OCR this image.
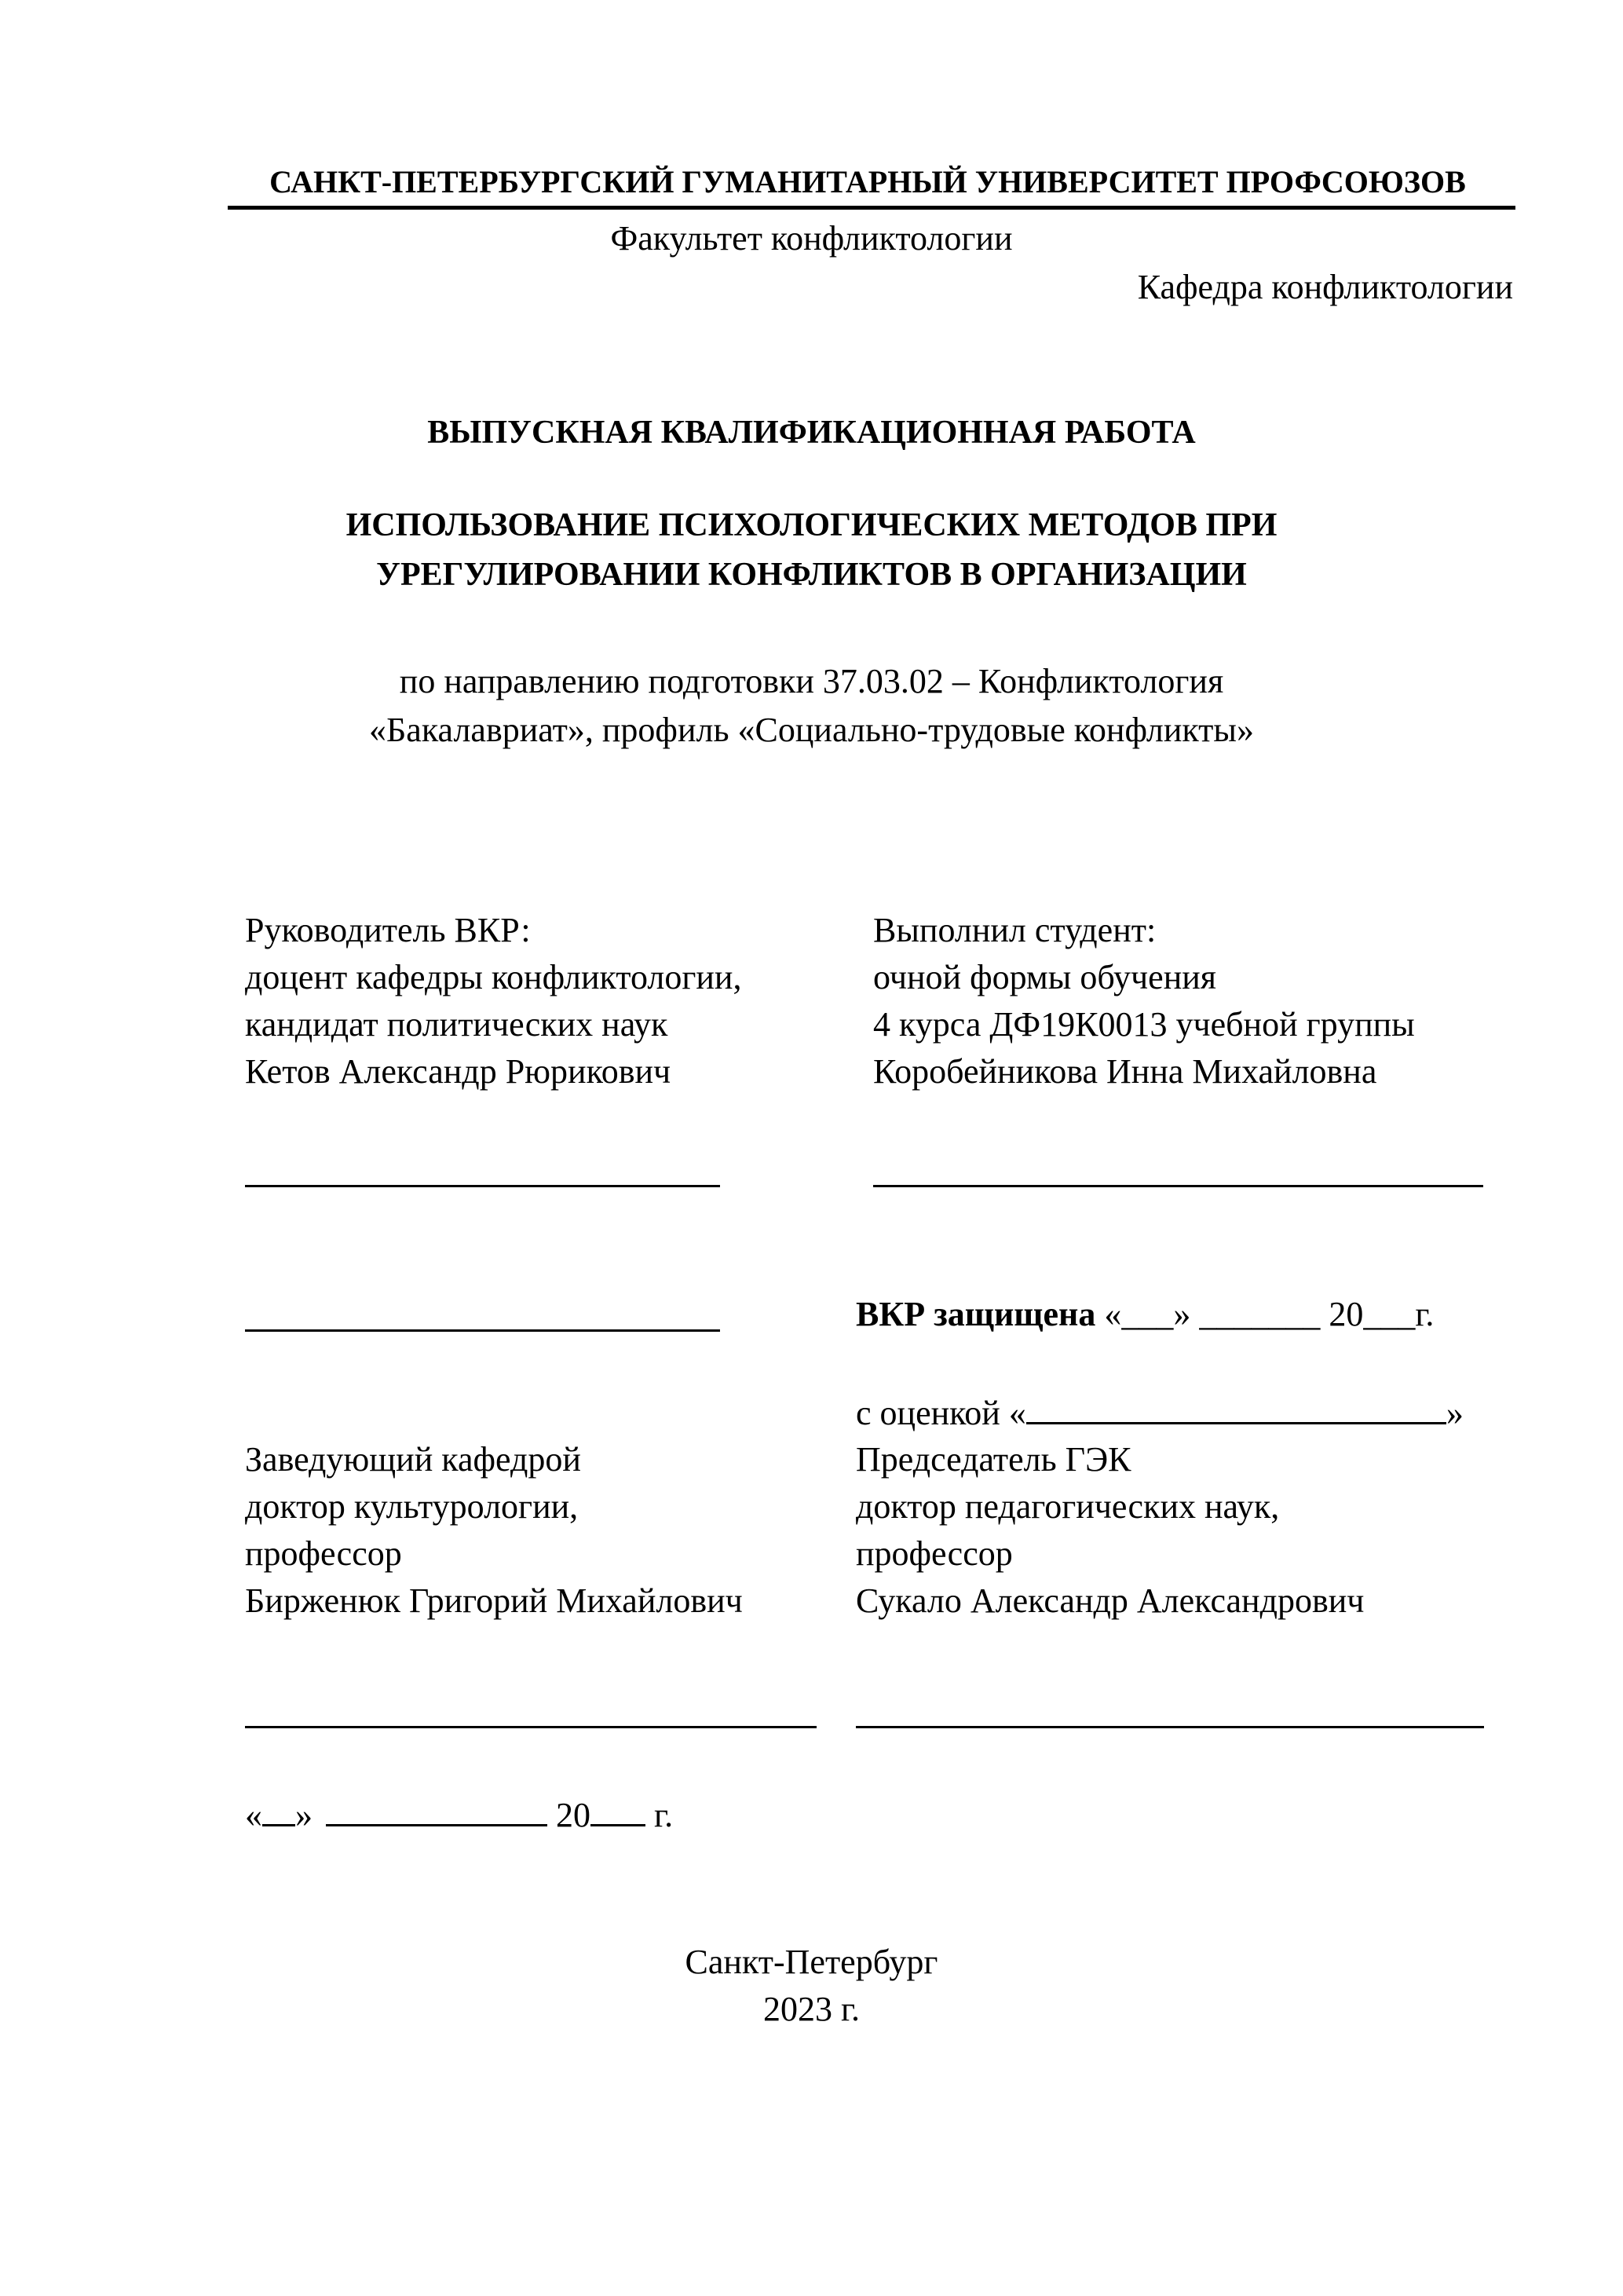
САНКТ-ПЕТЕРБУРГСКИЙ ГУМАНИТАРНЫЙ УНИВЕРСИТЕТ ПРОФСОЮЗОВ
Факультет конфликтологии
Кафедра конфликтологии
ВЫПУСКНАЯ КВАЛИФИКАЦИОННАЯ РАБОТА
ИСПОЛЬЗОВАНИЕ ПСИХОЛОГИЧЕСКИХ МЕТОДОВ ПРИ
УРЕГУЛИРОВАНИИ КОНФЛИКТОВ В ОРГАНИЗАЦИИ
по направлению подготовки 37.03.02 – Конфликтология
«Бакалавриат», профиль «Социально-трудовые конфликты»
Руководитель ВКР:
доцент кафедры конфликтологии,
кандидат политических наук
Кетов Александр Рюрикович
Выполнил студент:
очной формы обучения
4 курса ДФ19К0013 учебной группы
Коробейникова Инна Михайловна
ВКР защищена «___» _______ 20___г.
с оценкой «	»
Заведующий кафедрой
доктор культурологии,
профессор
Бирженюк Григорий Михайлович
Председатель ГЭК
доктор педагогических наук,
профессор
Сукало Александр Александрович
« »	20 г.
Санкт-Петербург
2023 г.
